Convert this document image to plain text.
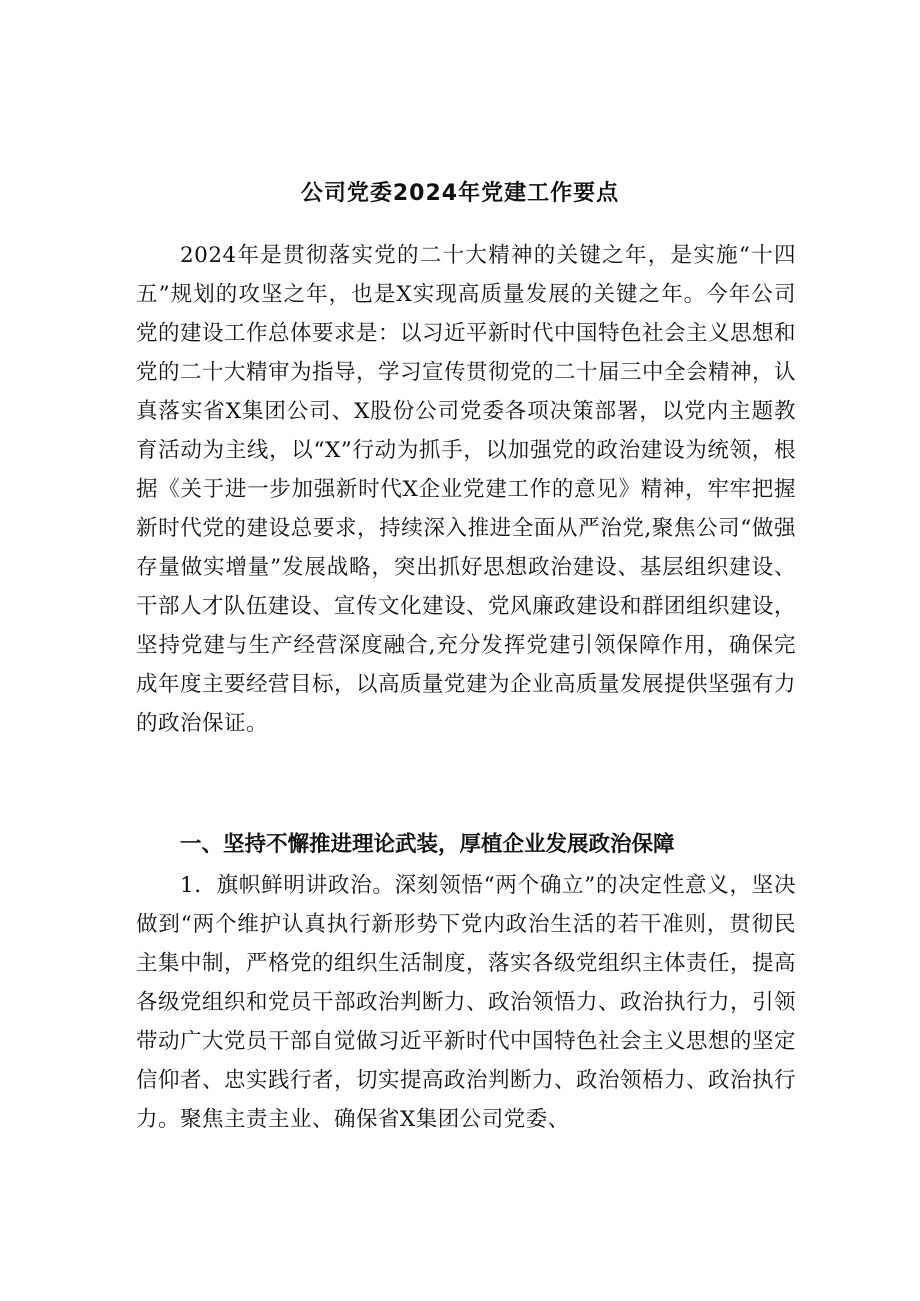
公司党委2024年党建工作要点

2024年是贯彻落实党的二十大精神的关键之年，是实施“十四五”规划的攻坚之年，也是X实现高质量发展的关键之年。今年公司党的建设工作总体要求是：以习近平新时代中国特色社会主义思想和党的二十大精审为指导，学习宣传贯彻党的二十届三中全会精神，认真落实省X集团公司、X股份公司党委各项决策部署，以党内主题教育活动为主线，以“X”行动为抓手，以加强党的政治建设为统领，根据《关于进一步加强新时代X企业党建工作的意见》精神，牢牢把握新时代党的建设总要求，持续深入推进全面从严治党,聚焦公司“做强存量做实增量”发展战略，突出抓好思想政治建设、基层组织建设、干部人才队伍建设、宣传文化建设、党风廉政建设和群团组织建设，坚持党建与生产经营深度融合,充分发挥党建引领保障作用，确保完成年度主要经营目标，以高质量党建为企业高质量发展提供坚强有力的政治保证。

一、坚持不懈推进理论武装，厚植企业发展政治保障

1．旗帜鲜明讲政治。深刻领悟“两个确立”的决定性意义，坚决做到“两个维护认真执行新形势下党内政治生活的若干准则，贯彻民主集中制，严格党的组织生活制度，落实各级党组织主体责任，提高各级党组织和党员干部政治判断力、政治领悟力、政治执行力，引领带动广大党员干部自觉做习近平新时代中国特色社会主义思想的坚定信仰者、忠实践行者，切实提高政治判断力、政治领梧力、政治执行力。聚焦主责主业、确保省X集团公司党委、
